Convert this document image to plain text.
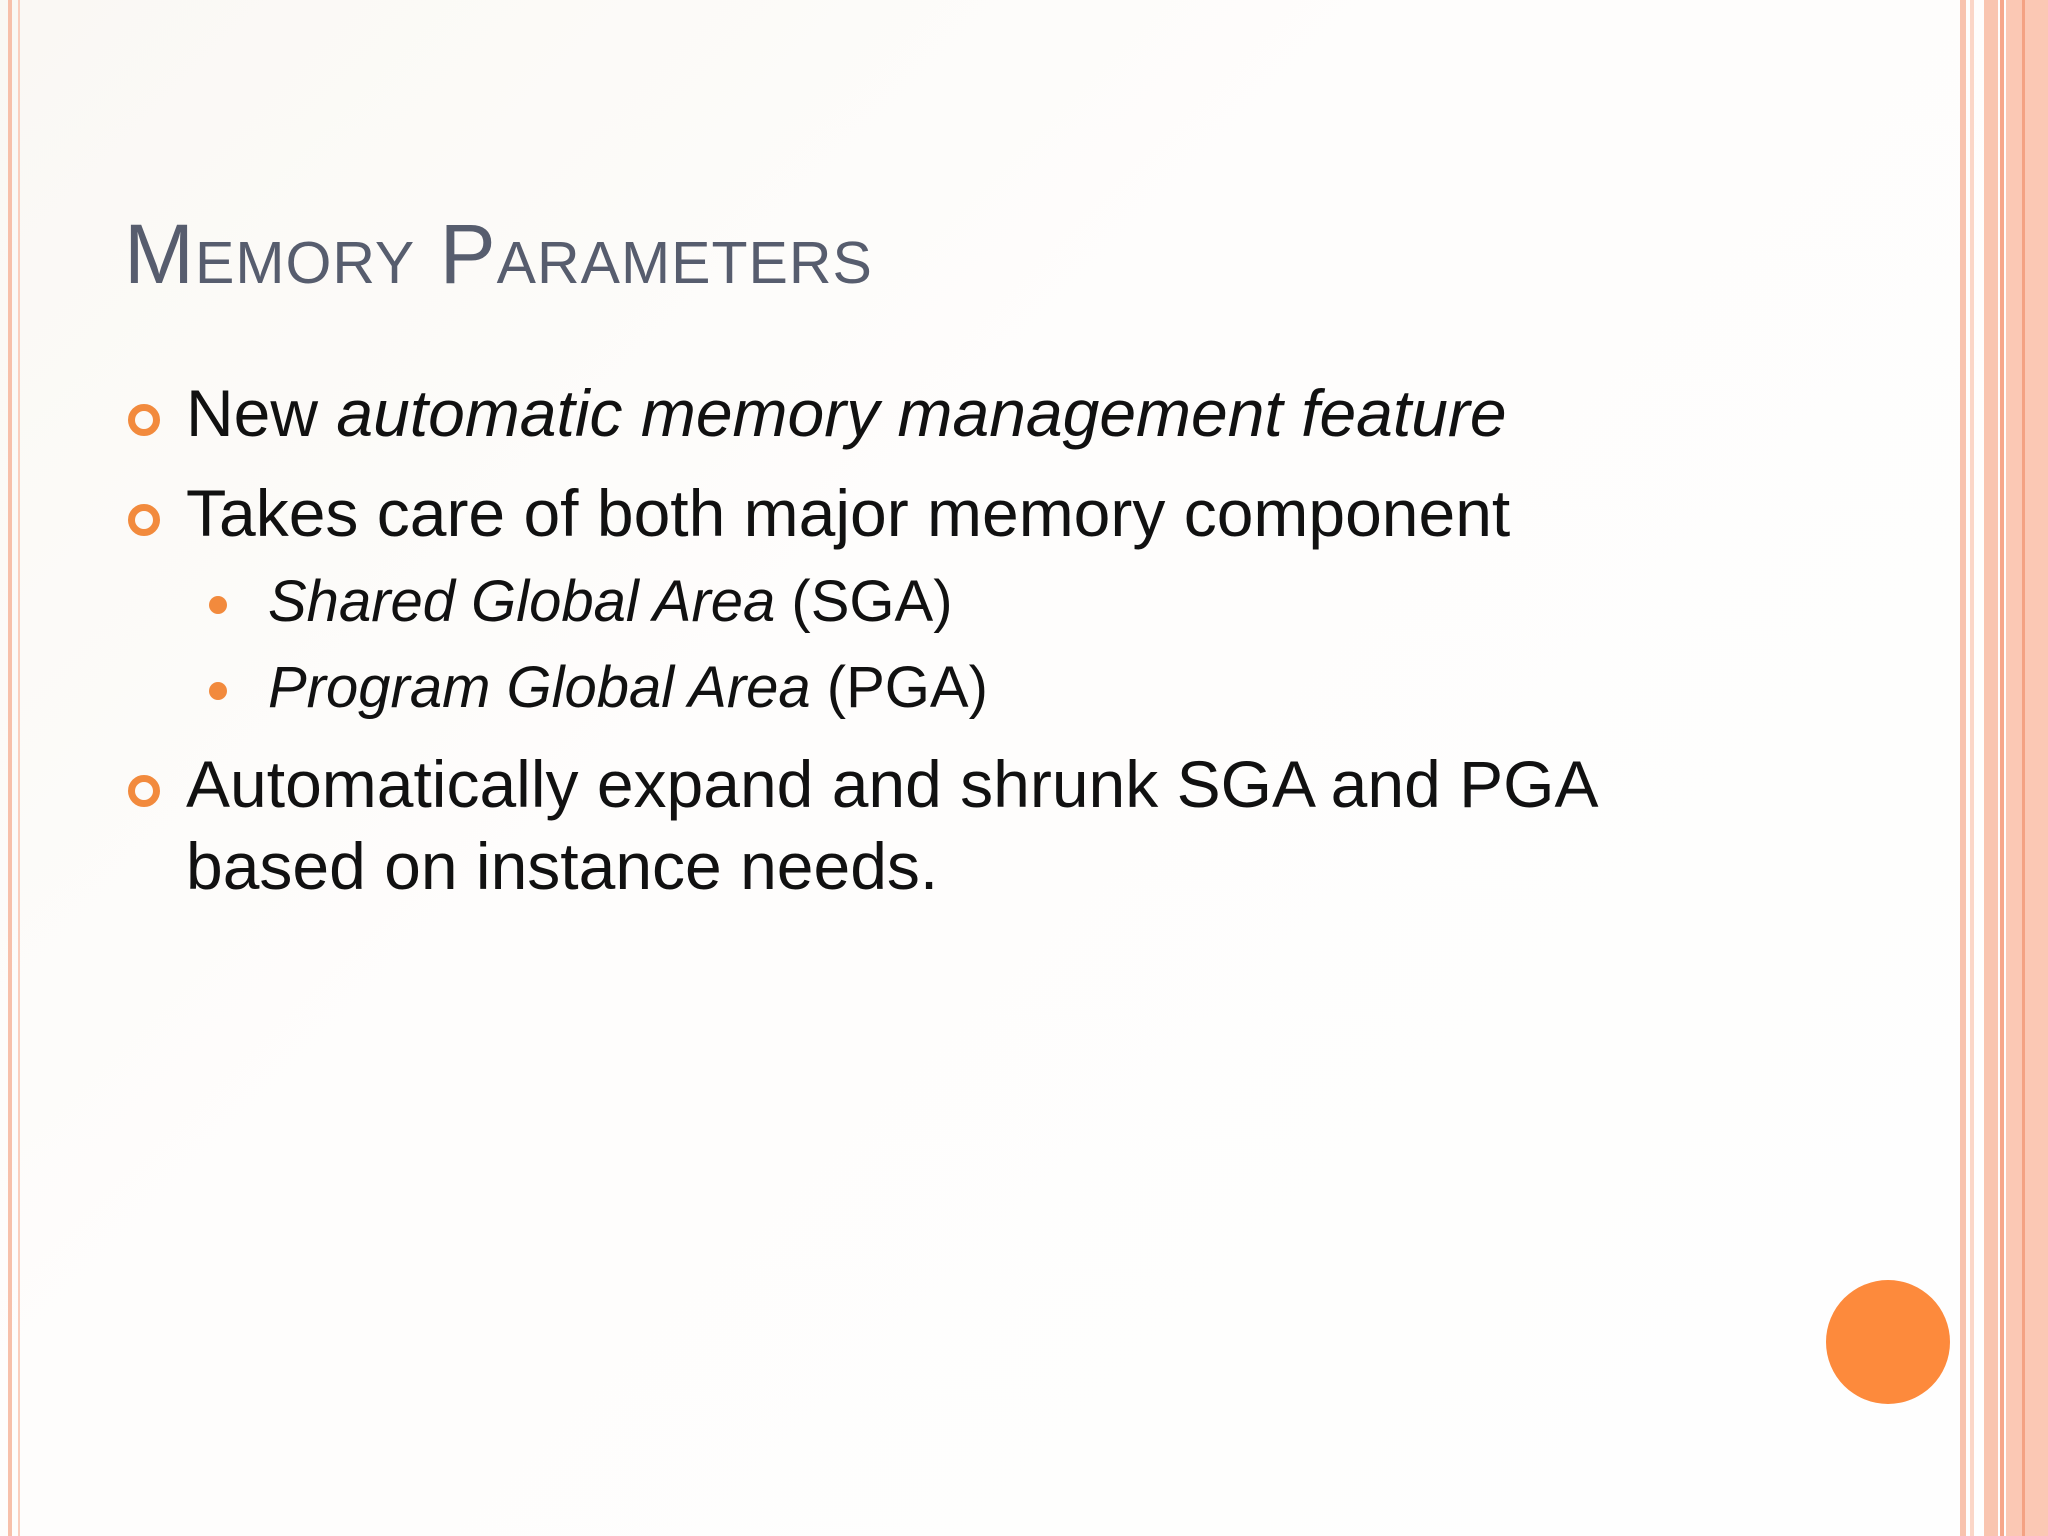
Memory Parameters
New automatic memory management feature
Takes care of both major memory component
Shared Global Area (SGA)
Program Global Area (PGA)
Automatically expand and shrunk SGA and PGA
based on instance needs.
